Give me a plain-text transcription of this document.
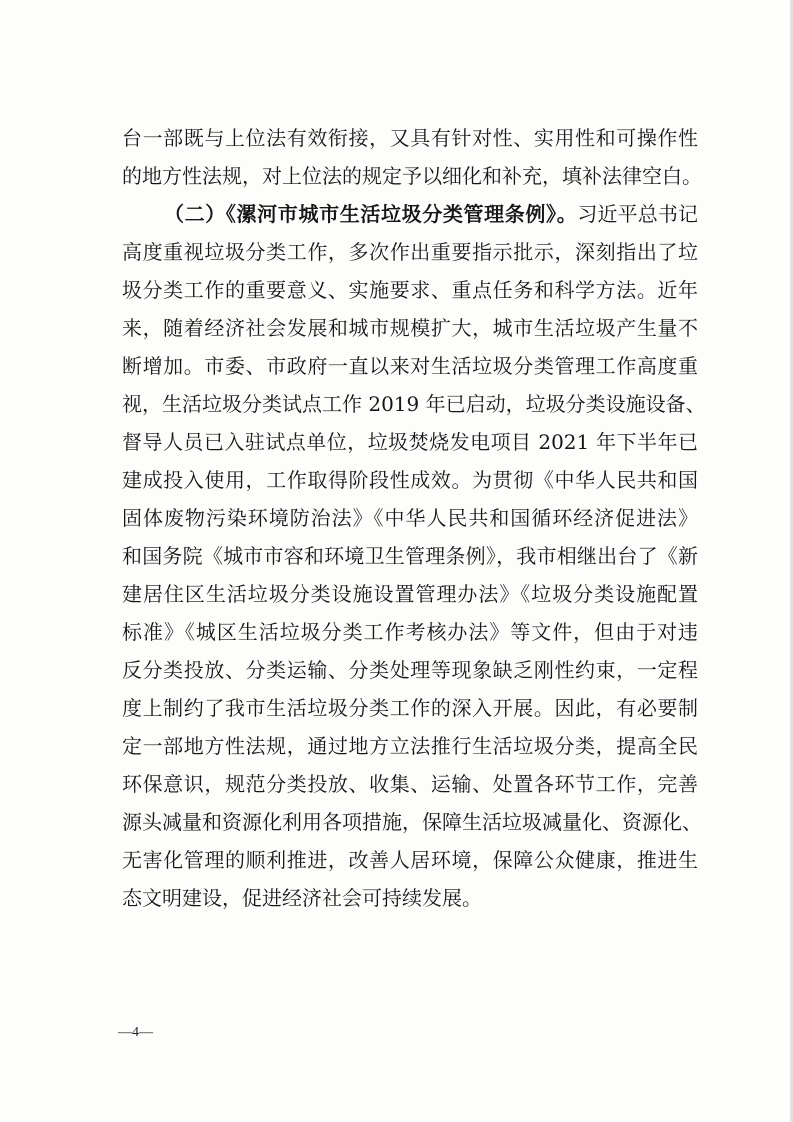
台一部既与上位法有效衔接，又具有针对性、实用性和可操作性
的地方性法规，对上位法的规定予以细化和补充，填补法律空白。
（二）《漯河市城市生活垃圾分类管理条例》。习近平总书记
高度重视垃圾分类工作，多次作出重要指示批示，深刻指出了垃
圾分类工作的重要意义、实施要求、重点任务和科学方法。近年
来，随着经济社会发展和城市规模扩大，城市生活垃圾产生量不
断增加。市委、市政府一直以来对生活垃圾分类管理工作高度重
视，生活垃圾分类试点工作 2019 年已启动，垃圾分类设施设备、
督导人员已入驻试点单位，垃圾焚烧发电项目 2021 年下半年已
建成投入使用，工作取得阶段性成效。为贯彻《中华人民共和国
固体废物污染环境防治法》《中华人民共和国循环经济促进法》
和国务院《城市市容和环境卫生管理条例》，我市相继出台了《新
建居住区生活垃圾分类设施设置管理办法》《垃圾分类设施配置
标准》《城区生活垃圾分类工作考核办法》等文件，但由于对违
反分类投放、分类运输、分类处理等现象缺乏刚性约束，一定程
度上制约了我市生活垃圾分类工作的深入开展。因此，有必要制
定一部地方性法规，通过地方立法推行生活垃圾分类，提高全民
环保意识，规范分类投放、收集、运输、处置各环节工作，完善
源头减量和资源化利用各项措施，保障生活垃圾减量化、资源化、
无害化管理的顺利推进，改善人居环境，保障公众健康，推进生
态文明建设，促进经济社会可持续发展。
—4—
